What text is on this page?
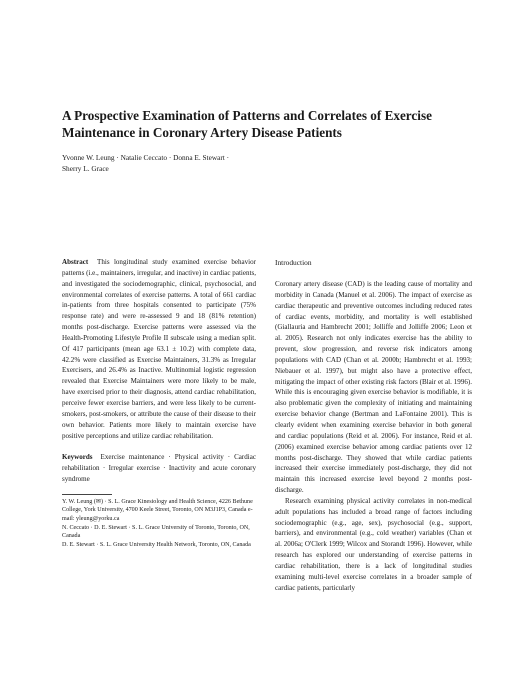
A Prospective Examination of Patterns and Correlates of Exercise Maintenance in Coronary Artery Disease Patients
Yvonne W. Leung · Natalie Ceccato · Donna E. Stewart ·
Sherry L. Grace

Abstract This longitudinal study examined exercise behavior patterns (i.e., maintainers, irregular, and inactive) in cardiac patients, and investigated the sociodemographic, clinical, psychosocial, and environmental correlates of exercise patterns. A total of 661 cardiac in-patients from three hospitals consented to participate (75% response rate) and were re-assessed 9 and 18 (81% retention) months post-discharge. Exercise patterns were assessed via the Health-Promoting Lifestyle Profile II subscale using a median split. Of 417 participants (mean age 63.1 ± 10.2) with complete data, 42.2% were classified as Exercise Maintainers, 31.3% as Irregular Exercisers, and 26.4% as Inactive. Multinomial logistic regression revealed that Exercise Maintainers were more likely to be male, have exercised prior to their diagnosis, attend cardiac rehabilitation, perceive fewer exercise barriers, and were less likely to be current-smokers, post-smokers, or attribute the cause of their disease to their own behavior. Patients more likely to maintain exercise have positive perceptions and utilize cardiac rehabilitation.

Keywords Exercise maintenance · Physical activity · Cardiac rehabilitation · Irregular exercise · Inactivity and acute coronary syndrome

Y. W. Leung (✉) · S. L. Grace Kinesiology and Health Science, 4226 Bethune College, York University, 4700 Keele Street, Toronto, ON M3J1P3, Canada e-mail: yleung@yorku.ca

N. Ceccato · D. E. Stewart · S. L. Grace University of Toronto, Toronto, ON, Canada

D. E. Stewart · S. L. Grace University Health Network, Toronto, ON, Canada

Introduction

Coronary artery disease (CAD) is the leading cause of mortality and morbidity in Canada (Manuel et al. 2006). The impact of exercise as cardiac therapeutic and preventive outcomes including reduced rates of cardiac events, morbidity, and mortality is well established (Giallauria and Hambrecht 2001; Jolliffe and Jolliffe 2006; Leon et al. 2005). Research not only indicates exercise has the ability to prevent, slow progression, and reverse risk indicators among populations with CAD (Chan et al. 2000b; Hambrecht et al. 1993; Niebauer et al. 1997), but might also have a protective effect, mitigating the impact of other existing risk factors (Blair et al. 1996). While this is encouraging given exercise behavior is modifiable, it is also problematic given the complexity of initiating and maintaining exercise behavior change (Bertman and LaFontaine 2001). This is clearly evident when examining exercise behavior in both general and cardiac populations (Reid et al. 2006). For instance, Reid et al. (2006) examined exercise behavior among cardiac patients over 12 months post-discharge. They showed that while cardiac patients increased their exercise immediately post-discharge, they did not maintain this increased exercise level beyond 2 months post-discharge.

Research examining physical activity correlates in non-medical adult populations has included a broad range of factors including sociodemographic (e.g., age, sex), psychosocial (e.g., support, barriers), and environmental (e.g., cold weather) variables (Chan et al. 2006a; O'Clerk 1999; Wilcox and Storandt 1996). However, while research has explored our understanding of exercise patterns in cardiac rehabilitation, there is a lack of longitudinal studies examining multi-level exercise correlates in a broader sample of cardiac patients, particularly
